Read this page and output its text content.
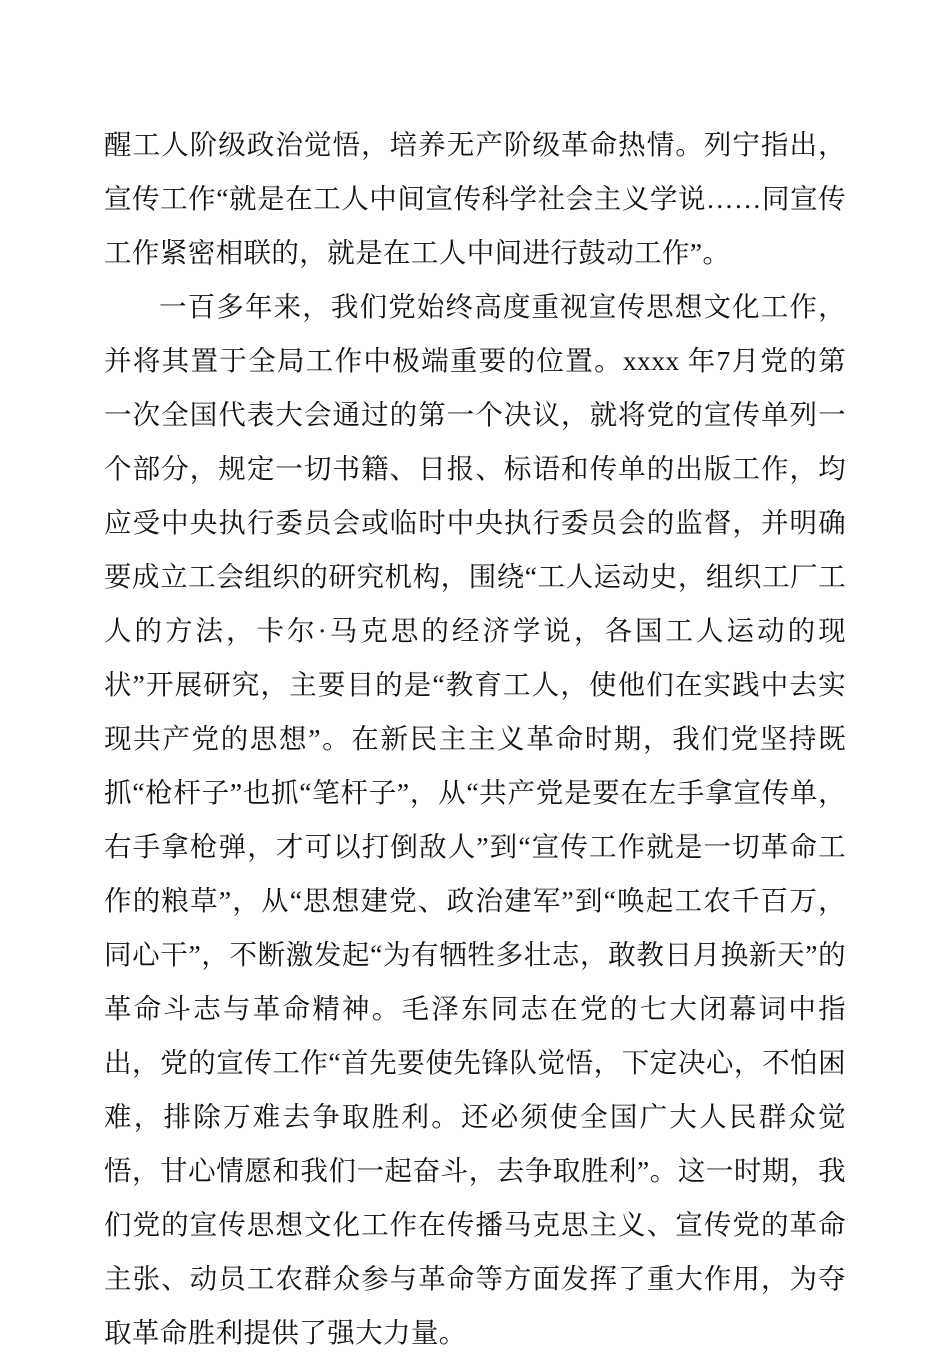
醒工人阶级政治觉悟，培养无产阶级革命热情。列宁指出，宣传工作“就是在工人中间宣传科学社会主义学说……同宣传工作紧密相联的，就是在工人中间进行鼓动工作”。

一百多年来，我们党始终高度重视宣传思想文化工作，并将其置于全局工作中极端重要的位置。xxxx 年7月党的第一次全国代表大会通过的第一个决议，就将党的宣传单列一个部分，规定一切书籍、日报、标语和传单的出版工作，均应受中央执行委员会或临时中央执行委员会的监督，并明确要成立工会组织的研究机构，围绕“工人运动史，组织工厂工人的方法，卡尔·马克思的经济学说，各国工人运动的现状”开展研究，主要目的是“教育工人，使他们在实践中去实现共产党的思想”。在新民主主义革命时期，我们党坚持既抓“枪杆子”也抓“笔杆子”，从“共产党是要在左手拿宣传单，右手拿枪弹，才可以打倒敌人”到“宣传工作就是一切革命工作的粮草”，从“思想建党、政治建军”到“唤起工农千百万，同心干”，不断激发起“为有牺牲多壮志，敢教日月换新天”的革命斗志与革命精神。毛泽东同志在党的七大闭幕词中指出，党的宣传工作“首先要使先锋队觉悟，下定决心，不怕困难，排除万难去争取胜利。还必须使全国广大人民群众觉悟，甘心情愿和我们一起奋斗，去争取胜利”。这一时期，我们党的宣传思想文化工作在传播马克思主义、宣传党的革命主张、动员工农群众参与革命等方面发挥了重大作用，为夺取革命胜利提供了强大力量。
